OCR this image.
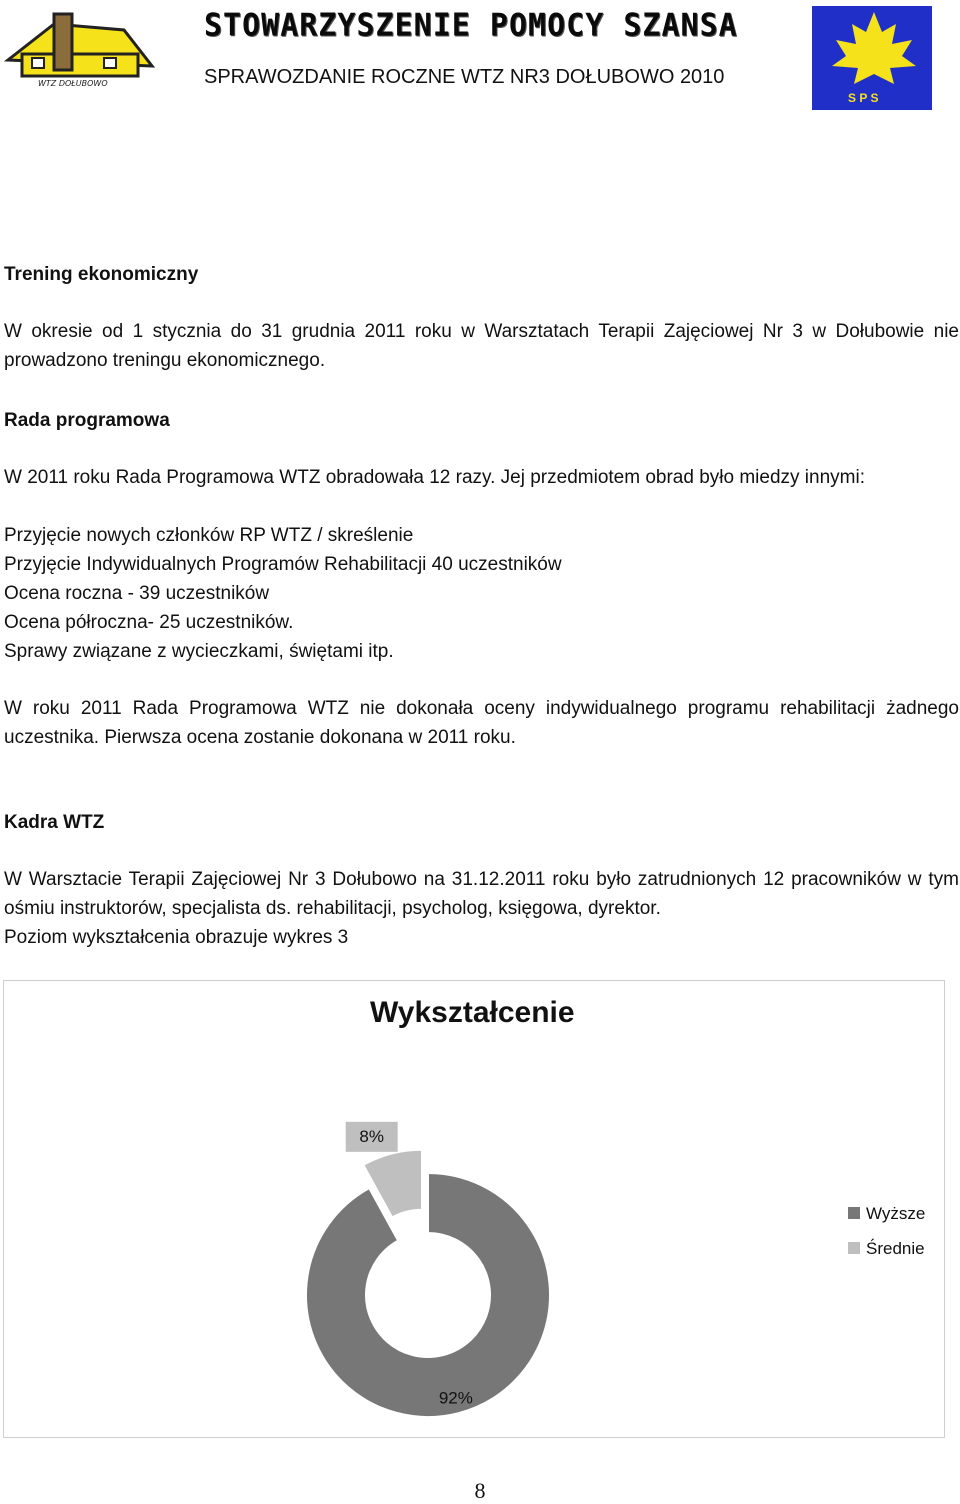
WTZ DOŁUBOWO
STOWARZYSZENIE POMOCY SZANSA
SPRAWOZDANIE ROCZNE WTZ NR3 DOŁUBOWO 2010
S P S
Trening ekonomiczny
W okresie od 1 stycznia do 31 grudnia 2011 roku w Warsztatach Terapii Zajęciowej Nr 3 w Dołubowie nie prowadzono treningu ekonomicznego.
Rada programowa
W 2011 roku Rada Programowa WTZ obradowała 12 razy. Jej przedmiotem obrad było miedzy innymi:
Przyjęcie nowych członków RP WTZ / skreślenie
Przyjęcie Indywidualnych Programów Rehabilitacji 40 uczestników
Ocena roczna - 39 uczestników
Ocena półroczna- 25 uczestników.
Sprawy związane z wycieczkami, świętami itp.
W roku 2011 Rada Programowa WTZ nie dokonała oceny indywidualnego programu rehabilitacji żadnego uczestnika. Pierwsza ocena zostanie dokonana w 2011 roku.
Kadra WTZ
W Warsztacie Terapii Zajęciowej Nr 3 Dołubowo na 31.12.2011 roku było zatrudnionych 12 pracowników w tym ośmiu instruktorów, specjalista ds. rehabilitacji, psycholog, księgowa, dyrektor.
Poziom wykształcenia obrazuje wykres 3
Wykształcenie
8%
92%
Wyższe
Średnie
8
